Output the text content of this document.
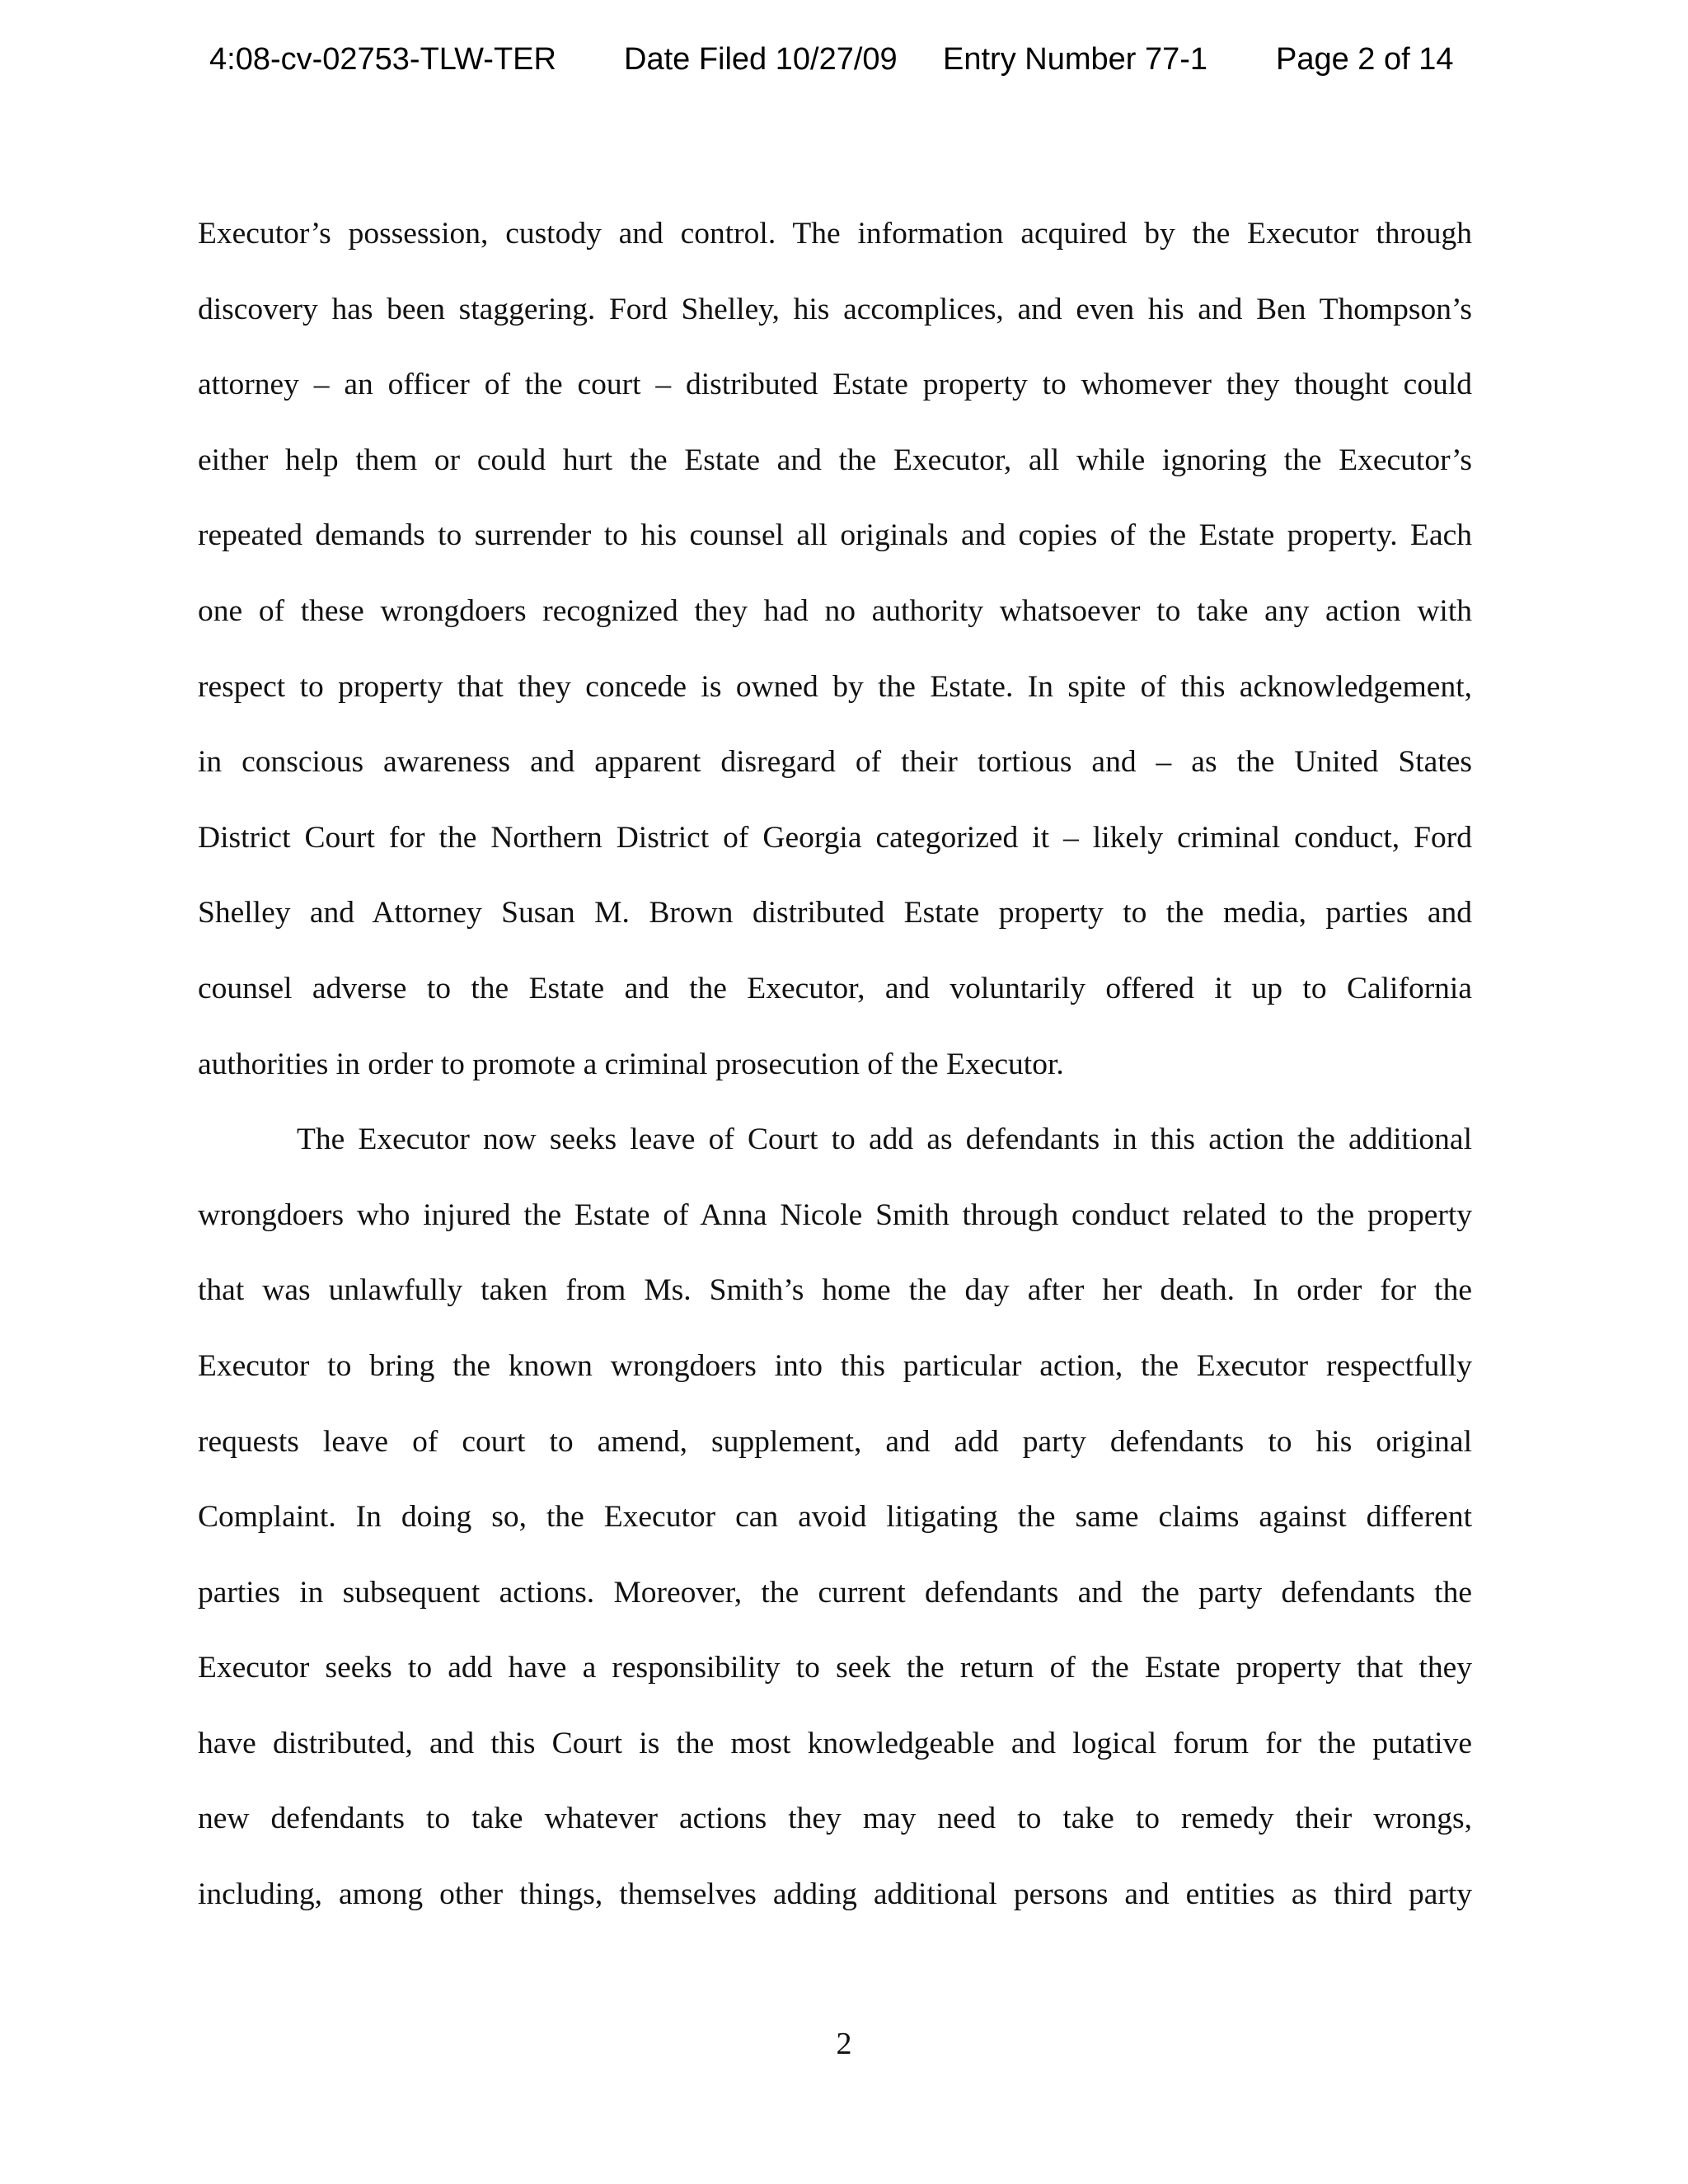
4:08-cv-02753-TLW-TER Date Filed 10/27/09 Entry Number 77-1 Page 2 of 14
Executor’s possession, custody and control. The information acquired by the Executor through
discovery has been staggering. Ford Shelley, his accomplices, and even his and Ben Thompson’s
attorney – an officer of the court – distributed Estate property to whomever they thought could
either help them or could hurt the Estate and the Executor, all while ignoring the Executor’s
repeated demands to surrender to his counsel all originals and copies of the Estate property. Each
one of these wrongdoers recognized they had no authority whatsoever to take any action with
respect to property that they concede is owned by the Estate. In spite of this acknowledgement,
in conscious awareness and apparent disregard of their tortious and – as the United States
District Court for the Northern District of Georgia categorized it – likely criminal conduct, Ford
Shelley and Attorney Susan M. Brown distributed Estate property to the media, parties and
counsel adverse to the Estate and the Executor, and voluntarily offered it up to California
authorities in order to promote a criminal prosecution of the Executor.
The Executor now seeks leave of Court to add as defendants in this action the additional
wrongdoers who injured the Estate of Anna Nicole Smith through conduct related to the property
that was unlawfully taken from Ms. Smith’s home the day after her death. In order for the
Executor to bring the known wrongdoers into this particular action, the Executor respectfully
requests leave of court to amend, supplement, and add party defendants to his original
Complaint. In doing so, the Executor can avoid litigating the same claims against different
parties in subsequent actions. Moreover, the current defendants and the party defendants the
Executor seeks to add have a responsibility to seek the return of the Estate property that they
have distributed, and this Court is the most knowledgeable and logical forum for the putative
new defendants to take whatever actions they may need to take to remedy their wrongs,
including, among other things, themselves adding additional persons and entities as third party
2
